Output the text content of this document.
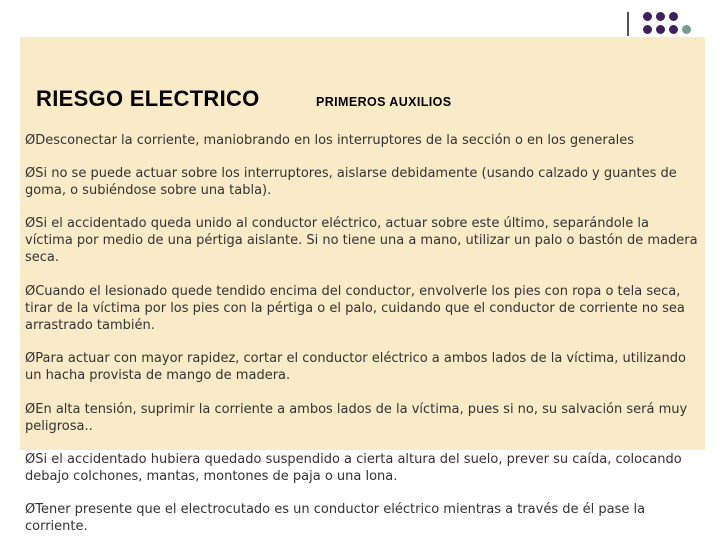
RIESGO ELECTRICO	PRIMEROS AUXILIOS
ØDesconectar la corriente, maniobrando en los interruptores de la sección o en los generales
ØSi no se puede actuar sobre los interruptores, aislarse debidamente (usando calzado y guantes de goma, o subiéndose sobre una tabla).
ØSi el accidentado queda unido al conductor eléctrico, actuar sobre este último, separándole la víctima por medio de una pértiga aislante. Si no tiene una a mano, utilizar un palo o bastón de madera seca.
ØCuando el lesionado quede tendido encima del conductor, envolverle los pies con ropa o tela seca, tirar de la víctima por los pies con la pértiga o el palo, cuidando que el conductor de corriente no sea arrastrado también.
ØPara actuar con mayor rapidez, cortar el conductor eléctrico a ambos lados de la víctima, utilizando un hacha provista de mango de madera.
ØEn alta tensión, suprimir la corriente a ambos lados de la víctima, pues si no, su salvación será muy peligrosa..
ØSi el accidentado hubiera quedado suspendido a cierta altura del suelo, prever su caída, colocando debajo colchones, mantas, montones de paja o una lona.
ØTener presente que el electrocutado es un conductor eléctrico mientras a través de él pase la corriente.
